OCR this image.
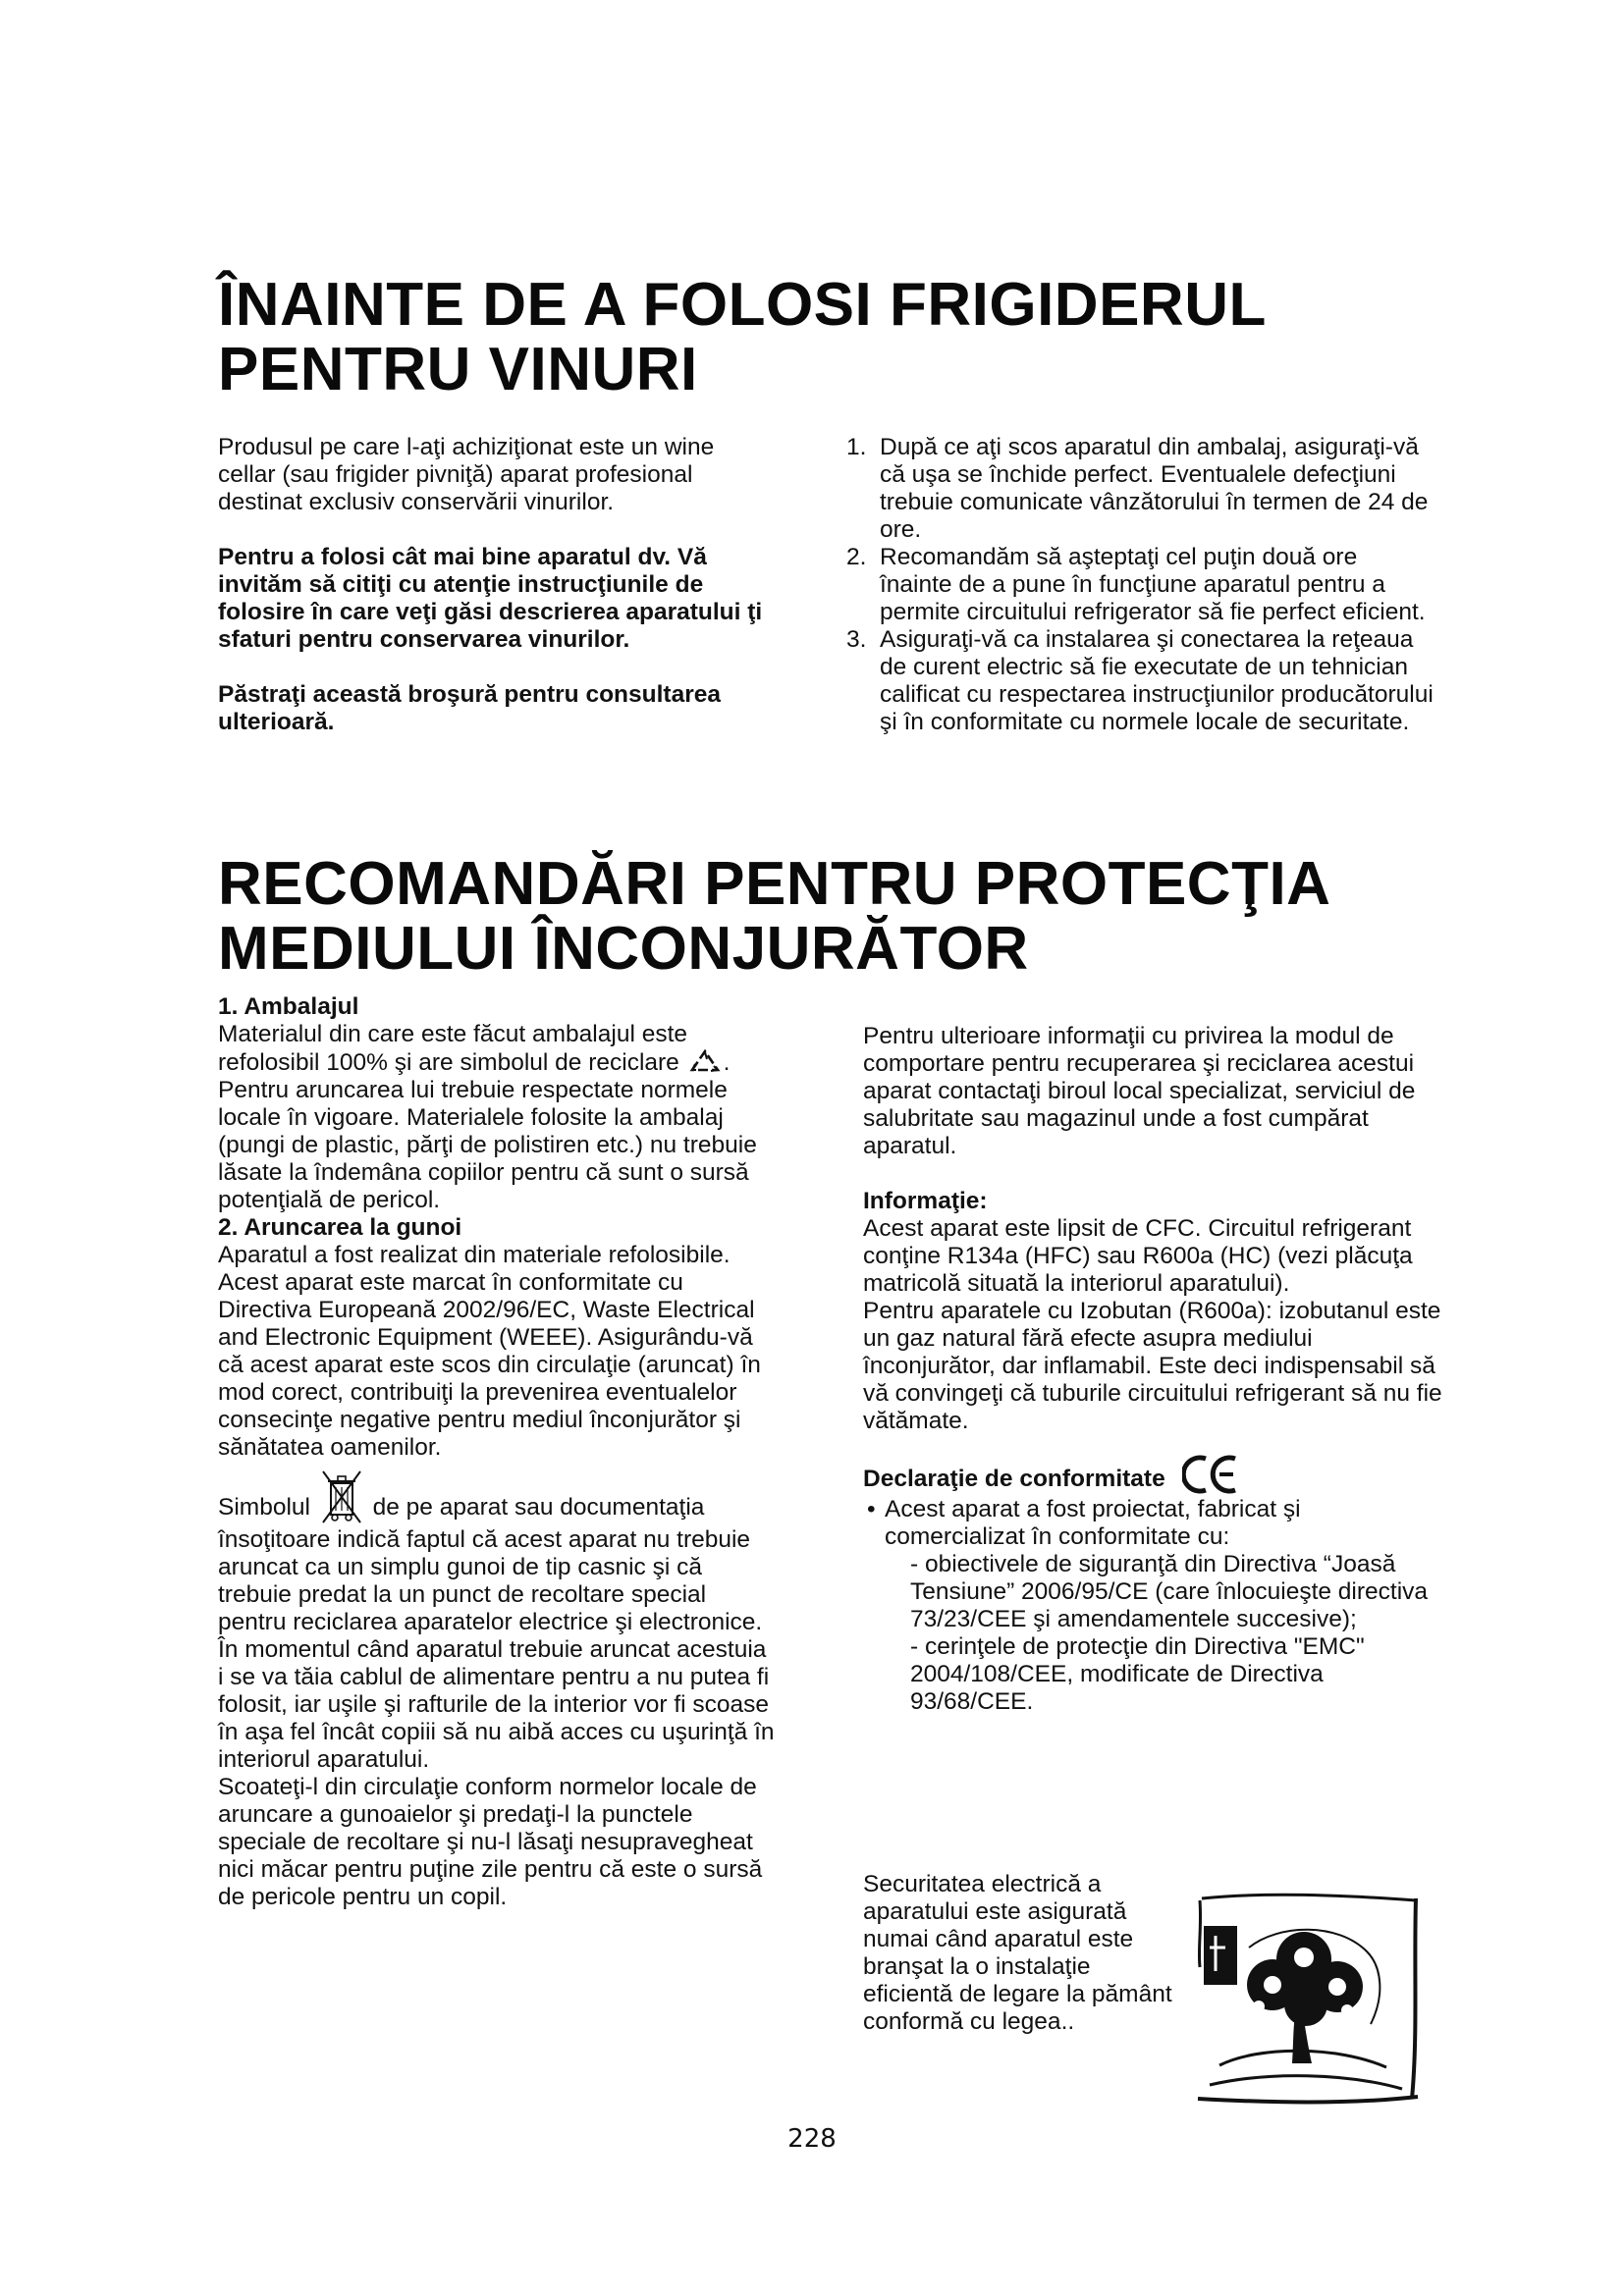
ÎNAINTE DE A FOLOSI FRIGIDERUL
PENTRU VINURI

Produsul pe care l-aţi achiziţionat este un wine cellar (sau frigider pivniţă) aparat profesional destinat exclusiv conservării vinurilor.

Pentru a folosi cât mai bine aparatul dv. Vă invităm să citiţi cu atenţie instrucţiunile de folosire în care veţi găsi descrierea aparatului ţi sfaturi pentru conservarea vinurilor.

Păstraţi această broşură pentru consultarea ulterioară.

1. După ce aţi scos aparatul din ambalaj, asiguraţi-vă că uşa se închide perfect. Eventualele defecţiuni trebuie comunicate vânzătorului în termen de 24 de ore.
2. Recomandăm să aşteptaţi cel puţin două ore înainte de a pune în funcţiune aparatul pentru a permite circuitului refrigerator să fie perfect eficient.
3. Asiguraţi-vă ca instalarea şi conectarea la reţeaua de curent electric să fie executate de un tehnician calificat cu respectarea instrucţiunilor producătorului şi în conformitate cu normele locale de securitate.
RECOMANDĂRI PENTRU PROTECŢIA
MEDIULUI ÎNCONJURĂTOR

1. Ambalajul

Materialul din care este făcut ambalajul este refolosibil 100% şi are simbolul de reciclare . Pentru aruncarea lui trebuie respectate normele locale în vigoare. Materialele folosite la ambalaj (pungi de plastic, părţi de polistiren etc.) nu trebuie lăsate la îndemâna copiilor pentru că sunt o sursă potenţială de pericol.

2. Aruncarea la gunoi

Aparatul a fost realizat din materiale refolosibile.

Acest aparat este marcat în conformitate cu Directiva Europeană 2002/96/EC, Waste Electrical and Electronic Equipment (WEEE). Asigurându-vă că acest aparat este scos din circulaţie (aruncat) în mod corect, contribuiţi la prevenirea eventualelor consecinţe negative pentru mediul înconjurător şi sănătatea oamenilor.

Simbolul	de pe aparat sau documentaţia însoţitoare indică faptul că acest aparat nu trebuie aruncat ca un simplu gunoi de tip casnic şi că trebuie predat la un punct de recoltare special pentru reciclarea aparatelor electrice şi electronice.

În momentul când aparatul trebuie aruncat acestuia i se va tăia cablul de alimentare pentru a nu putea fi folosit, iar uşile şi rafturile de la interior vor fi scoase în aşa fel încât copiii să nu aibă acces cu uşurinţă în interiorul aparatului.

Scoateţi-l din circulaţie conform normelor locale de aruncare a gunoaielor şi predaţi-l la punctele speciale de recoltare şi nu-l lăsaţi nesupravegheat nici măcar pentru puţine zile pentru că este o sursă de pericole pentru un copil.

Pentru ulterioare informaţii cu privirea la modul de comportare pentru recuperarea şi reciclarea acestui aparat contactaţi biroul local specializat, serviciul de salubritate sau magazinul unde a fost cumpărat aparatul.

Informaţie:

Acest aparat este lipsit de CFC. Circuitul refrigerant conţine R134a (HFC) sau R600a (HC) (vezi plăcuţa matricolă situată la interiorul aparatului).

Pentru aparatele cu Izobutan (R600a): izobutanul este un gaz natural fără efecte asupra mediului înconjurător, dar inflamabil. Este deci indispensabil să vă convingeţi că tuburile circuitului refrigerant să nu fie vătămate.

Declaraţie de conformitate

• Acest aparat a fost proiectat, fabricat şi comercializat în conformitate cu:

- obiectivele de siguranţă din Directiva “Joasă Tensiune” 2006/95/CE (care înlocuieşte directiva 73/23/CEE şi amendamentele succesive);

- cerinţele de protecţie din Directiva "EMC" 2004/108/CEE, modificate de Directiva 93/68/CEE.

Securitatea electrică a aparatului este asigurată numai când aparatul este branşat la o instalaţie eficientă de legare la pământ conformă cu legea..
228
